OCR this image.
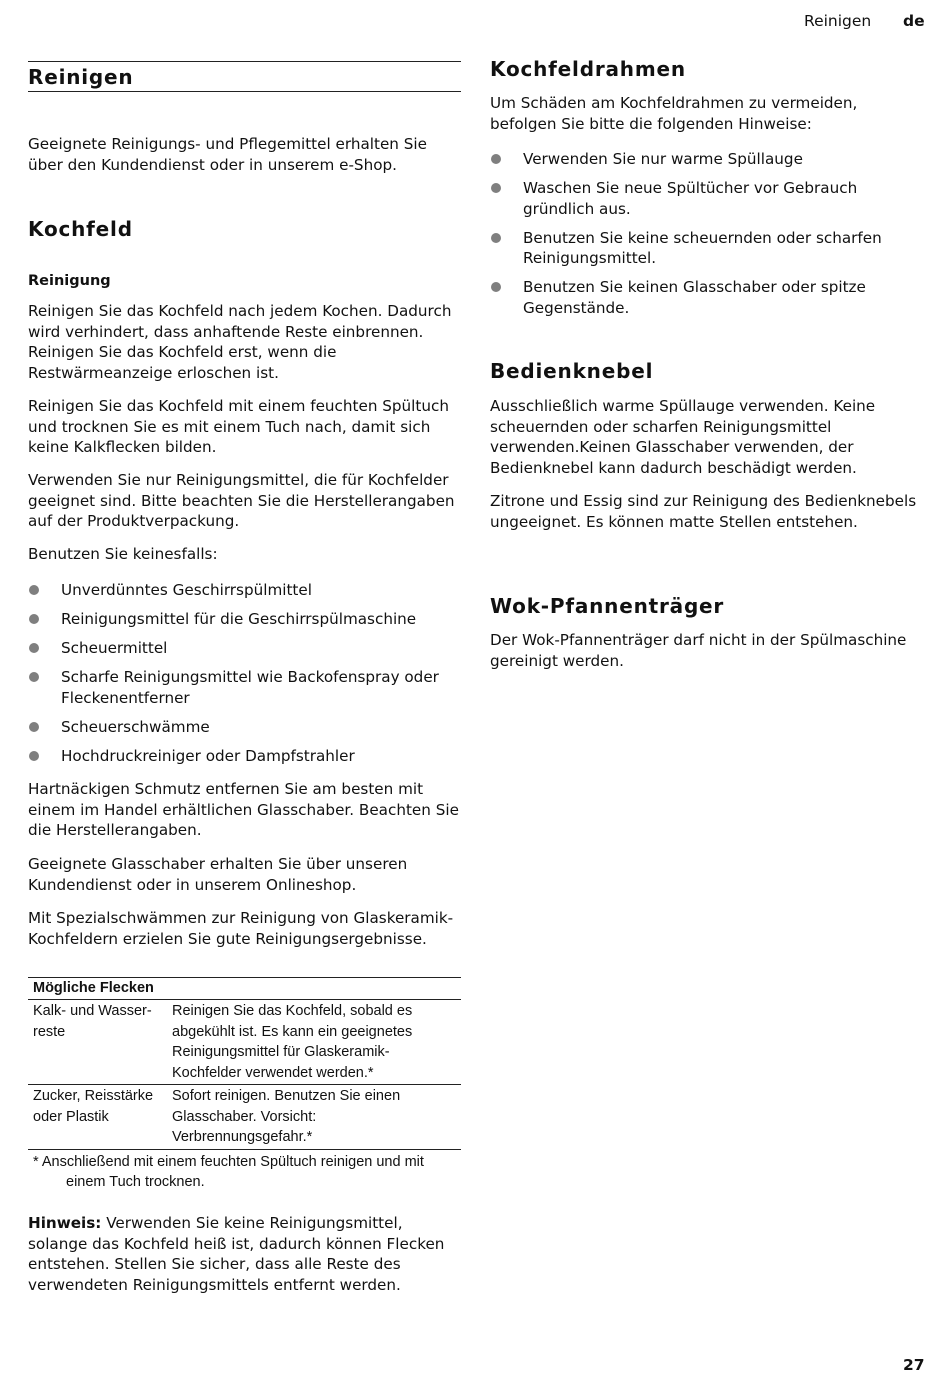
Reinigen de
Reinigen

Geeignete Reinigungs- und Pflegemittel erhalten Sie über den Kundendienst oder in unserem e-Shop.

Kochfeld
Reinigung

Reinigen Sie das Kochfeld nach jedem Kochen. Dadurch wird verhindert, dass anhaftende Reste einbrennen. Reinigen Sie das Kochfeld erst, wenn die Restwärmeanzeige erloschen ist.

Reinigen Sie das Kochfeld mit einem feuchten Spültuch und trocknen Sie es mit einem Tuch nach, damit sich keine Kalkflecken bilden.

Verwenden Sie nur Reinigungsmittel, die für Kochfelder geeignet sind. Bitte beachten Sie die Herstellerangaben auf der Produktverpackung.

Benutzen Sie keinesfalls:

Unverdünntes Geschirrspülmittel
Reinigungsmittel für die Geschirrspülmaschine
Scheuermittel
Scharfe Reinigungsmittel wie Backofenspray oder Fleckenentferner
Scheuerschwämme
Hochdruckreiniger oder Dampfstrahler

Hartnäckigen Schmutz entfernen Sie am besten mit einem im Handel erhältlichen Glasschaber. Beachten Sie die Herstellerangaben.

Geeignete Glasschaber erhalten Sie über unseren Kundendienst oder in unserem Onlineshop.

Mit Spezialschwämmen zur Reinigung von Glaskeramik-Kochfeldern erzielen Sie gute Reinigungsergebnisse.

Mögliche Flecken
Kalk- und Wasser-reste
Reinigen Sie das Kochfeld, sobald es abgekühlt ist. Es kann ein geeignetes Reinigungsmittel für Glaskeramik-Kochfelder verwendet werden.*
Zucker, Reisstärke oder Plastik
Sofort reinigen. Benutzen Sie einen Glasschaber. Vorsicht: Verbrennungsgefahr.*
* Anschließend mit einem feuchten Spültuch reinigen und mit
einem Tuch trocknen.

Hinweis: Verwenden Sie keine Reinigungsmittel, solange das Kochfeld heiß ist, dadurch können Flecken entstehen. Stellen Sie sicher, dass alle Reste des verwendeten Reinigungsmittels entfernt werden.

Kochfeldrahmen

Um Schäden am Kochfeldrahmen zu vermeiden, befolgen Sie bitte die folgenden Hinweise:

Verwenden Sie nur warme Spüllauge
Waschen Sie neue Spültücher vor Gebrauch gründlich aus.
Benutzen Sie keine scheuernden oder scharfen Reinigungsmittel.
Benutzen Sie keinen Glasschaber oder spitze Gegenstände.
Bedienknebel

Ausschließlich warme Spüllauge verwenden. Keine scheuernden oder scharfen Reinigungsmittel verwenden.Keinen Glasschaber verwenden, der Bedienknebel kann dadurch beschädigt werden.

Zitrone und Essig sind zur Reinigung des Bedienknebels ungeeignet. Es können matte Stellen entstehen.

Wok-Pfannenträger

Der Wok-Pfannenträger darf nicht in der Spülmaschine gereinigt werden.

27
